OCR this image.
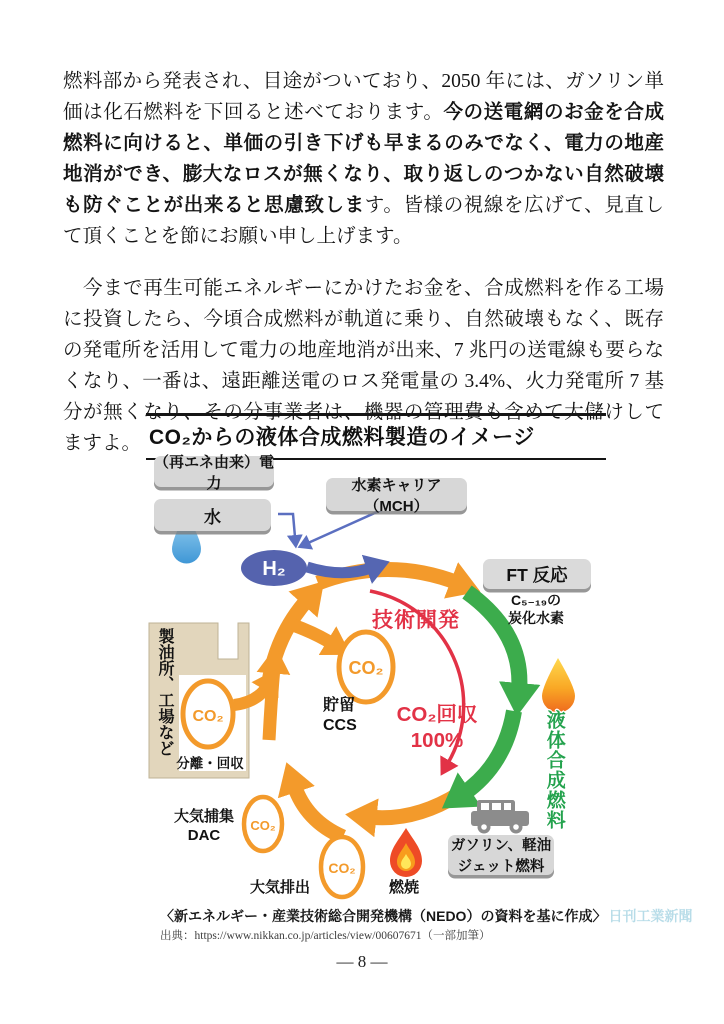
燃料部から発表され、目途がついており、2050 年には、ガソリン単価は化石燃料を下回ると述べております。今の送電網のお金を合成燃料に向けると、単価の引き下げも早まるのみでなく、電力の地産地消ができ、膨大なロスが無くなり、取り返しのつかない自然破壊も防ぐことが出来ると思慮致します。皆様の視線を広げて、見直して頂くことを節にお願い申し上げます。

　今まで再生可能エネルギーにかけたお金を、合成燃料を作る工場に投資したら、今頃合成燃料が軌道に乗り、自然破壊もなく、既存の発電所を活用して電力の地産地消が出来、7 兆円の送電線も要らなくなり、一番は、遠距離送電のロス発電量の 3.4%、火力発電所 7 基分が無くなり、その分事業者は、機器の管理費も含めて大儲けしてますよ。

H₂
CO₂
CO₂
CO₂
CO₂
CO₂からの液体合成燃料製造のイメージ
（再エネ由来）電力
水
水素キャリア（MCH）
FT 反応
ガソリン、軽油
ジェット燃料
C₅₋₁₉の
炭化水素
技術開発
CO₂回収
100%
貯留
CCS
製油所、工場など
分離・回収
大気捕集
DAC
大気排出	燃焼
液体合成燃料
〈新エネルギー・産業技術総合開発機構（NEDO）の資料を基に作成〉 日刊工業新聞
出典：https://www.nikkan.co.jp/articles/view/00607671（一部加筆）
— 8 —
